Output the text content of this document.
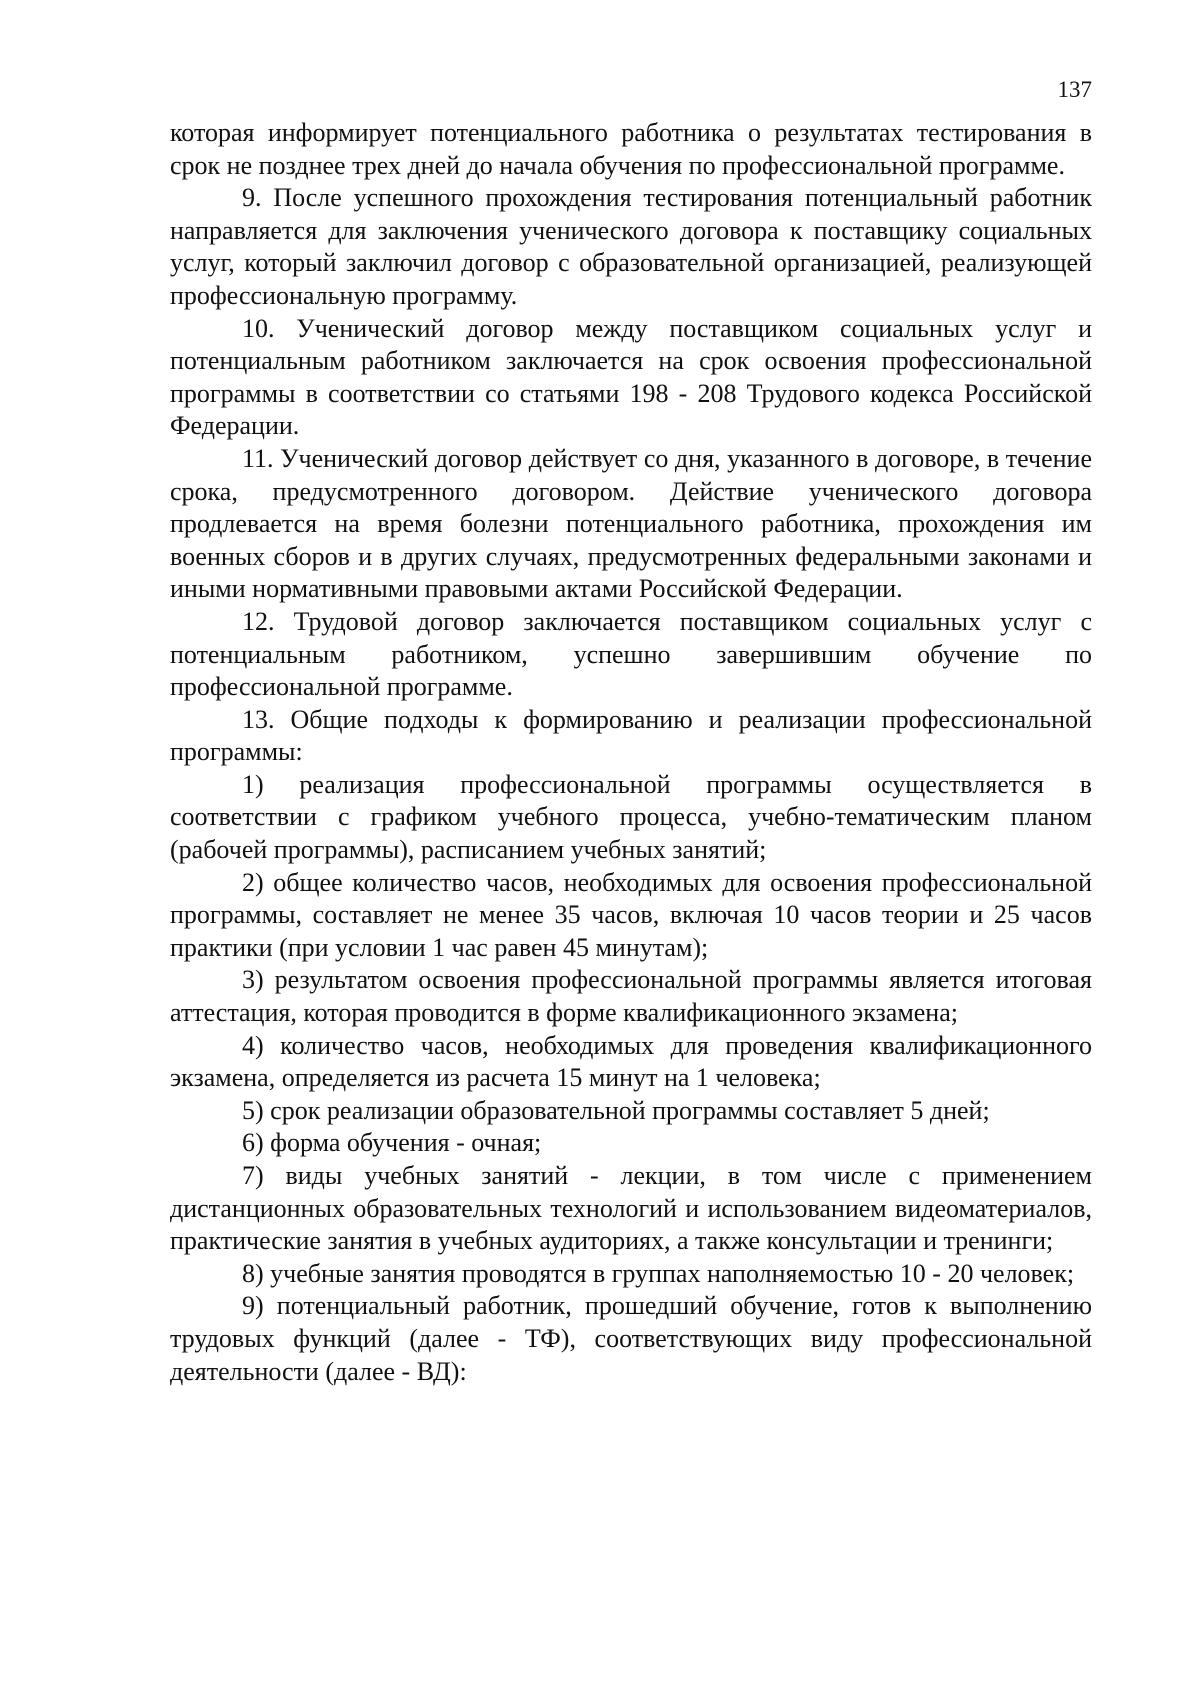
137

которая информирует потенциального работника о результатах тестирования в срок не позднее трех дней до начала обучения по профессиональной программе.

9. После успешного прохождения тестирования потенциальный работник направляется для заключения ученического договора к поставщику социальных услуг, который заключил договор с образовательной организацией, реализующей профессиональную программу.

10. Ученический договор между поставщиком социальных услуг и потенциальным работником заключается на срок освоения профессиональной программы в соответствии со статьями 198 - 208 Трудового кодекса Российской Федерации.

11. Ученический договор действует со дня, указанного в договоре, в течение срока, предусмотренного договором. Действие ученического договора продлевается на время болезни потенциального работника, прохождения им военных сборов и в других случаях, предусмотренных федеральными законами и иными нормативными правовыми актами Российской Федерации.

12. Трудовой договор заключается поставщиком социальных услуг с потенциальным работником, успешно завершившим обучение по профессиональной программе.

13. Общие подходы к формированию и реализации профессиональной программы:

1) реализация профессиональной программы осуществляется в соответствии с графиком учебного процесса, учебно-тематическим планом (рабочей программы), расписанием учебных занятий;

2) общее количество часов, необходимых для освоения профессиональной программы, составляет не менее 35 часов, включая 10 часов теории и 25 часов практики (при условии 1 час равен 45 минутам);

3) результатом освоения профессиональной программы является итоговая аттестация, которая проводится в форме квалификационного экзамена;

4) количество часов, необходимых для проведения квалификационного экзамена, определяется из расчета 15 минут на 1 человека;

5) срок реализации образовательной программы составляет 5 дней;

6) форма обучения - очная;

7) виды учебных занятий - лекции, в том числе с применением дистанционных образовательных технологий и использованием видеоматериалов, практические занятия в учебных аудиториях, а также консультации и тренинги;

8) учебные занятия проводятся в группах наполняемостью 10 - 20 человек;

9) потенциальный работник, прошедший обучение, готов к выполнению трудовых функций (далее - ТФ), соответствующих виду профессиональной деятельности (далее - ВД):
